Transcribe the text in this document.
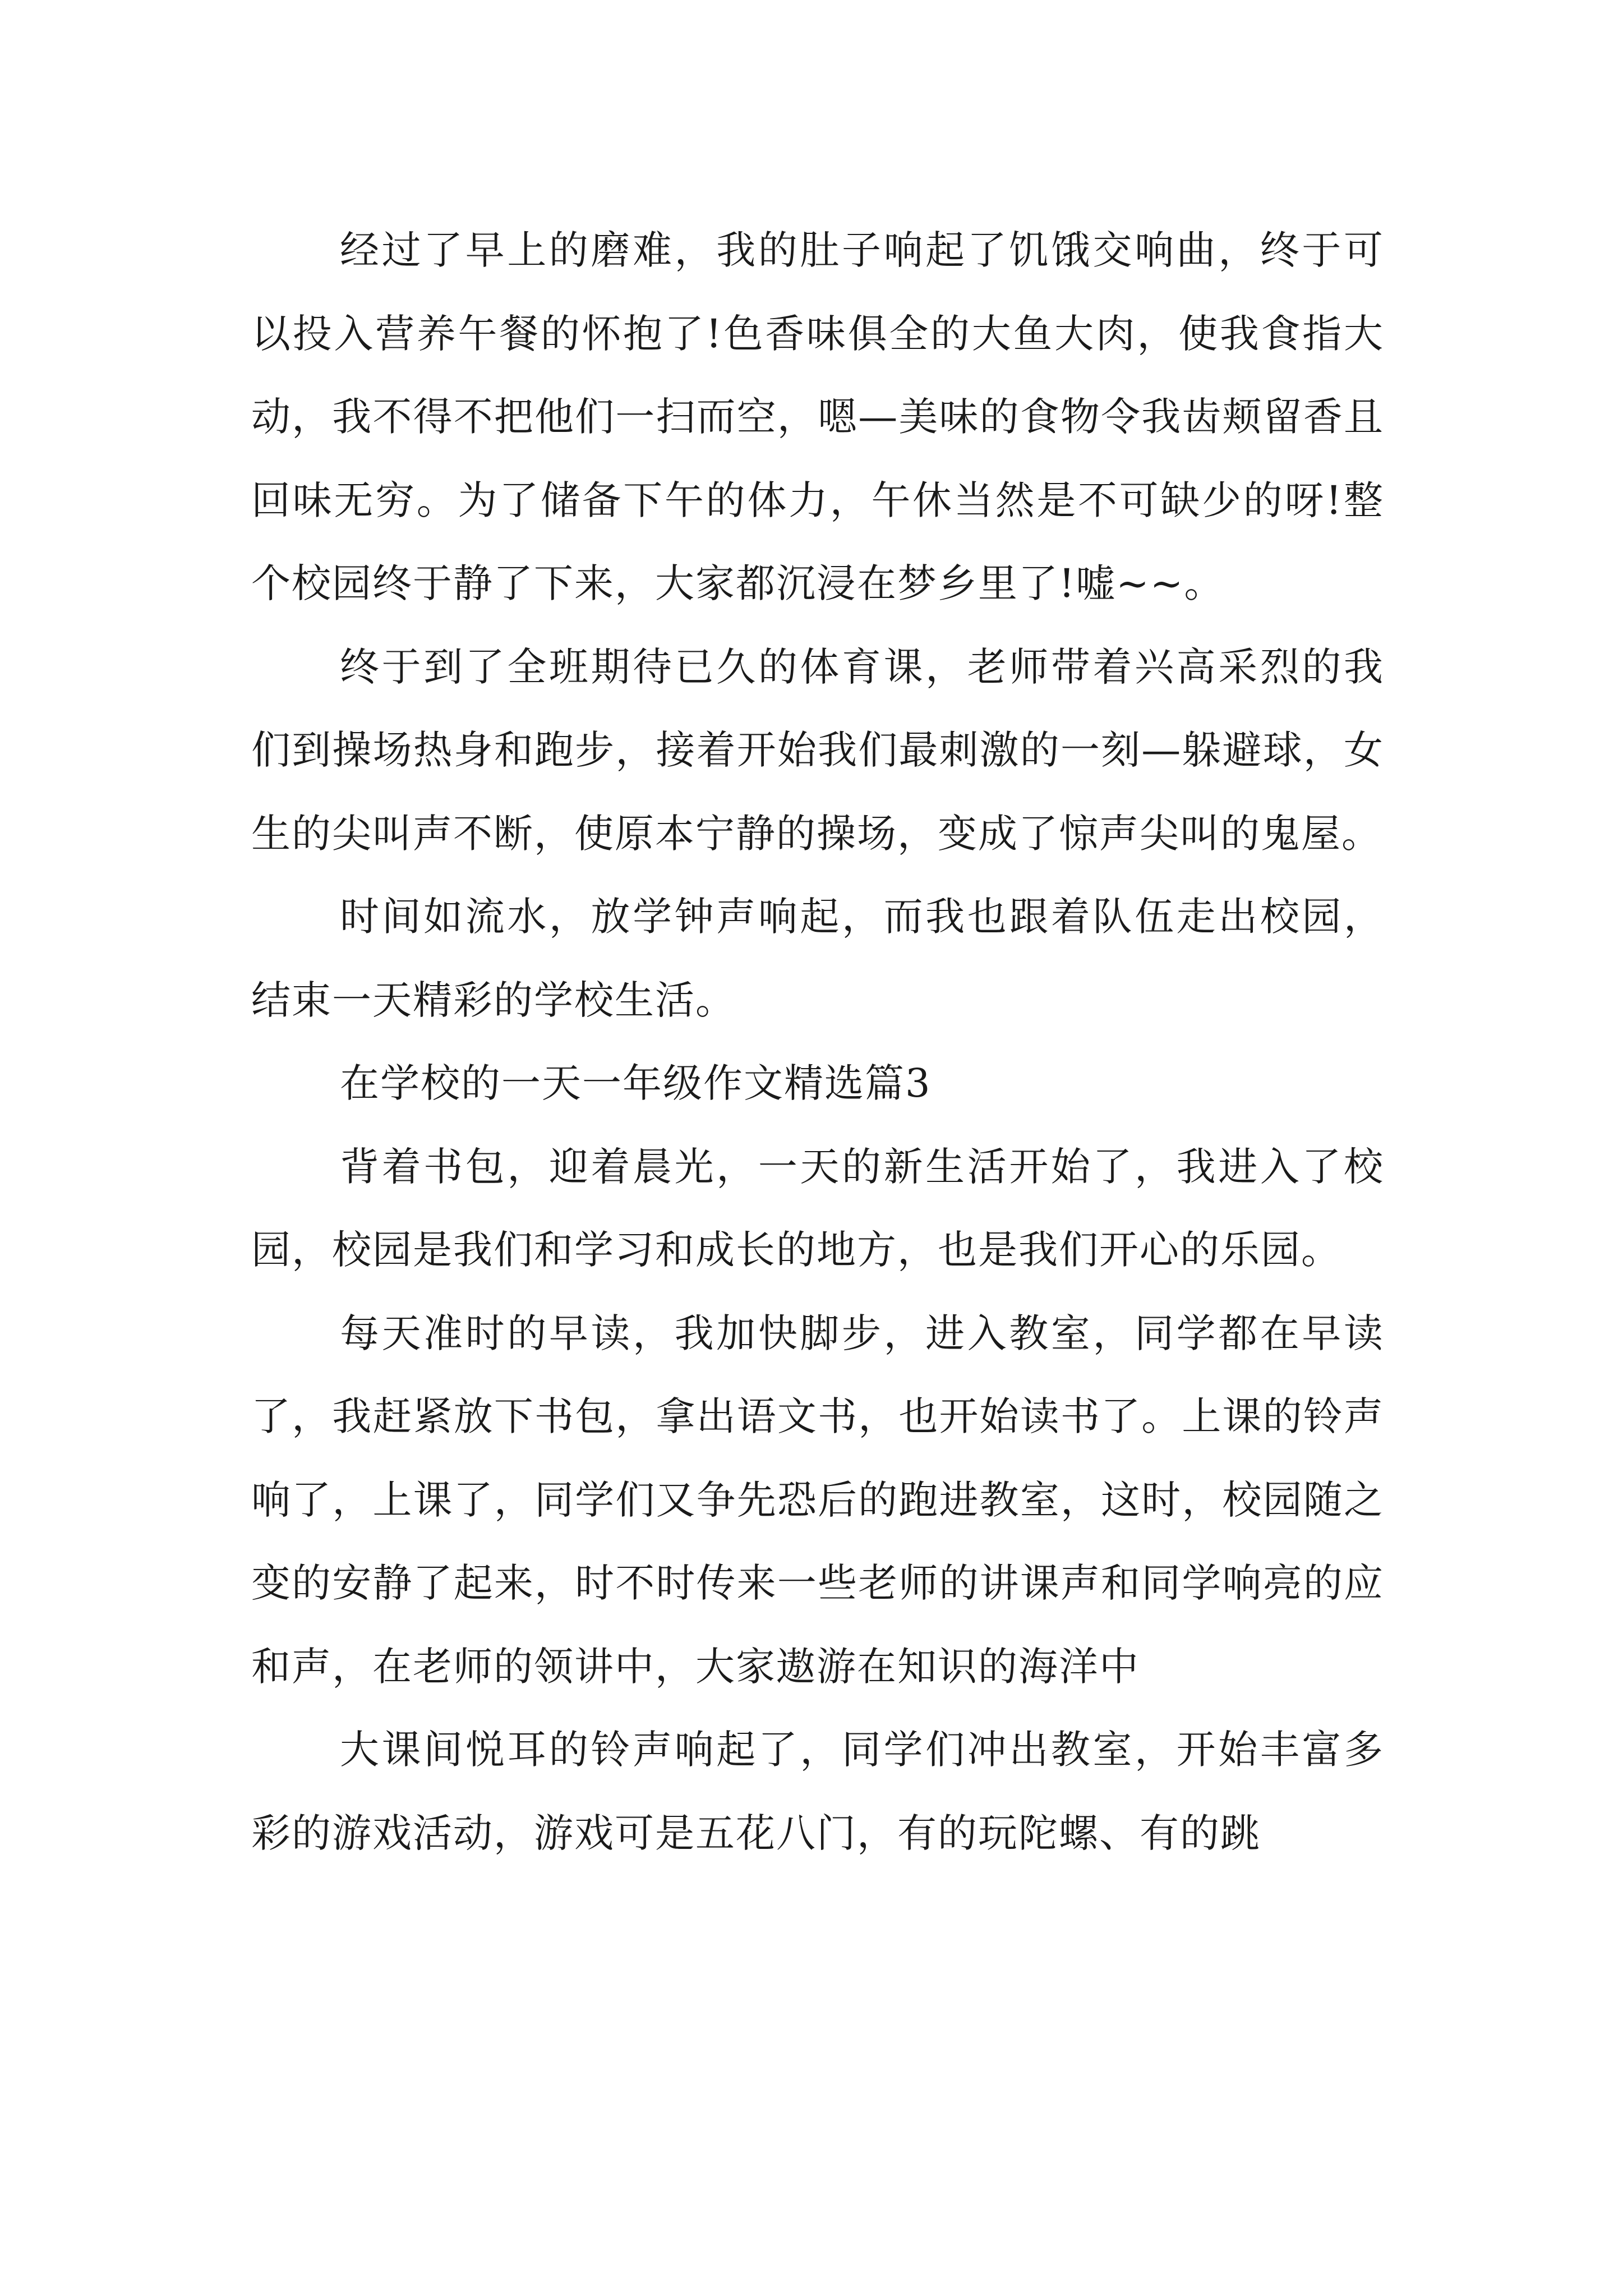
经过了早上的磨难，我的肚子响起了饥饿交响曲，终于可以投入营养午餐的怀抱了!色香味俱全的大鱼大肉，使我食指大动，我不得不把他们一扫而空，嗯—美味的食物令我齿颊留香且回味无穷。为了储备下午的体力，午休当然是不可缺少的呀!整个校园终于静了下来，大家都沉浸在梦乡里了!嘘~~。

终于到了全班期待已久的体育课，老师带着兴高采烈的我们到操场热身和跑步，接着开始我们最刺激的一刻—躲避球，女生的尖叫声不断，使原本宁静的操场，变成了惊声尖叫的鬼屋。

时间如流水，放学钟声响起，而我也跟着队伍走出校园，结束一天精彩的学校生活。

在学校的一天一年级作文精选篇3

背着书包，迎着晨光，一天的新生活开始了，我进入了校园，校园是我们和学习和成长的地方，也是我们开心的乐园。

每天准时的早读，我加快脚步，进入教室，同学都在早读了，我赶紧放下书包，拿出语文书，也开始读书了。上课的铃声响了，上课了，同学们又争先恐后的跑进教室，这时，校园随之变的安静了起来，时不时传来一些老师的讲课声和同学响亮的应和声，在老师的领讲中，大家遨游在知识的海洋中

大课间悦耳的铃声响起了，同学们冲出教室，开始丰富多彩的游戏活动，游戏可是五花八门，有的玩陀螺、有的跳
